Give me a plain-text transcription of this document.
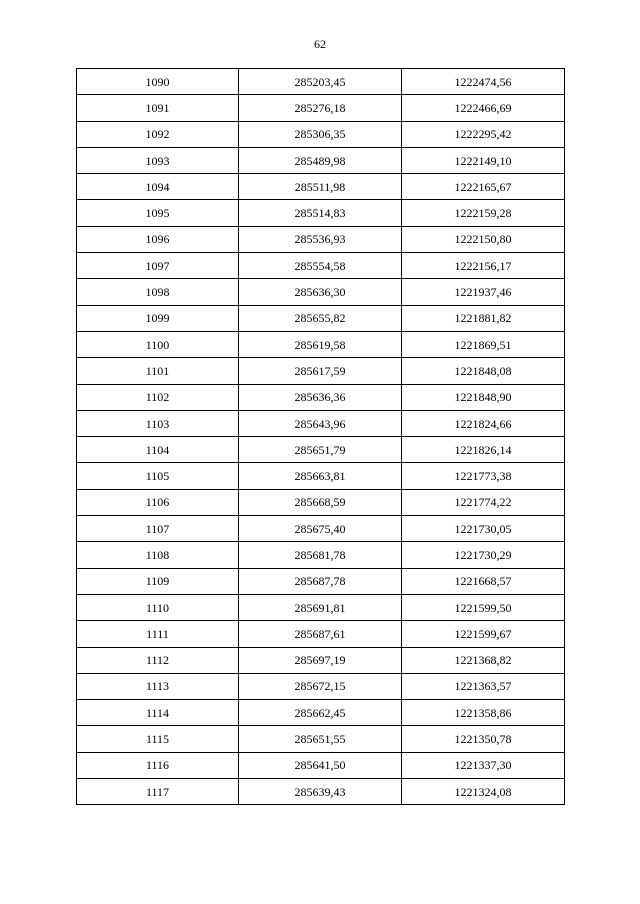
62
1090	285203,45	1222474,56
1091	285276,18	1222466,69
1092	285306,35	1222295,42
1093	285489,98	1222149,10
1094	285511,98	1222165,67
1095	285514,83	1222159,28
1096	285536,93	1222150,80
1097	285554,58	1222156,17
1098	285636,30	1221937,46
1099	285655,82	1221881,82
1100	285619,58	1221869,51
1101	285617,59	1221848,08
1102	285636,36	1221848,90
1103	285643,96	1221824,66
1104	285651,79	1221826,14
1105	285663,81	1221773,38
1106	285668,59	1221774,22
1107	285675,40	1221730,05
1108	285681,78	1221730,29
1109	285687,78	1221668,57
1110	285691,81	1221599,50
1111	285687,61	1221599,67
1112	285697,19	1221368,82
1113	285672,15	1221363,57
1114	285662,45	1221358,86
1115	285651,55	1221350,78
1116	285641,50	1221337,30
1117	285639,43	1221324,08
